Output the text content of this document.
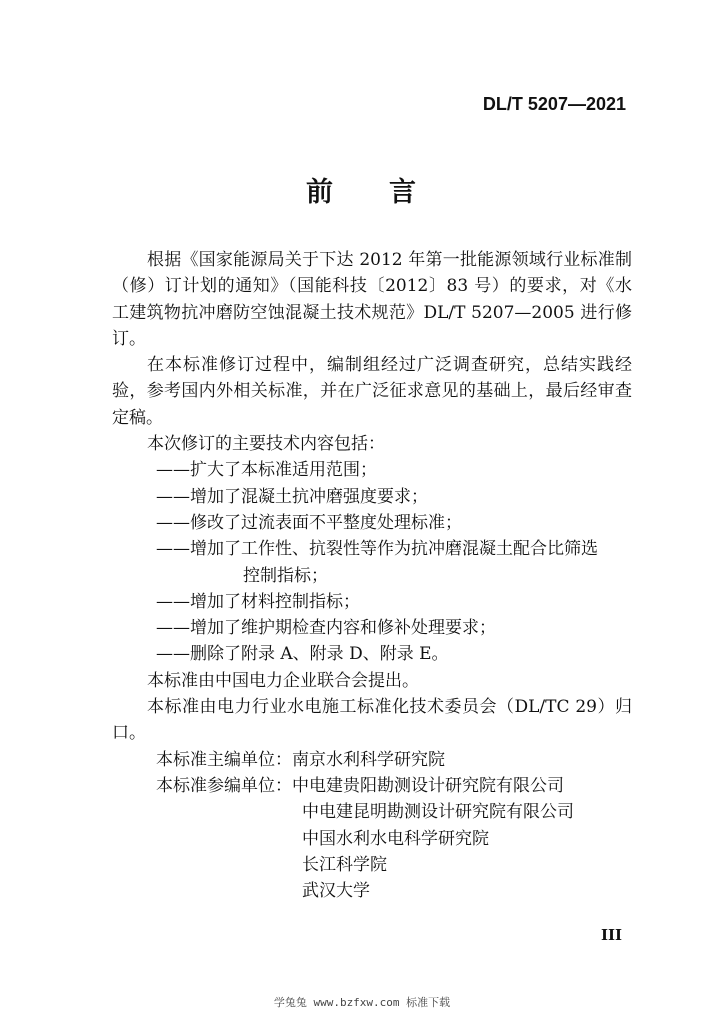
DL/T 5207—2021
前 言

根据《国家能源局关于下达 2012 年第一批能源领域行业标准制（修）订计划的通知》（国能科技〔2012〕83 号）的要求，对《水工建筑物抗冲磨防空蚀混凝土技术规范》DL/T 5207—2005 进行修订。

在本标准修订过程中，编制组经过广泛调查研究，总结实践经验，参考国内外相关标准，并在广泛征求意见的基础上，最后经审查定稿。

本次修订的主要技术内容包括：

——扩大了本标准适用范围；

——增加了混凝土抗冲磨强度要求；

——修改了过流表面不平整度处理标准；

——增加了工作性、抗裂性等作为抗冲磨混凝土配合比筛选
控制指标；

——增加了材料控制指标；

——增加了维护期检查内容和修补处理要求；

——删除了附录 A、附录 D、附录 E。

本标准由中国电力企业联合会提出。

本标准由电力行业水电施工标准化技术委员会（DL/TC 29）归口。

本标准主编单位：南京水利科学研究院

本标准参编单位：中电建贵阳勘测设计研究院有限公司

中电建昆明勘测设计研究院有限公司

中国水利水电科学研究院

长江科学院

武汉大学

III
学兔兔 www.bzfxw.com 标准下载
